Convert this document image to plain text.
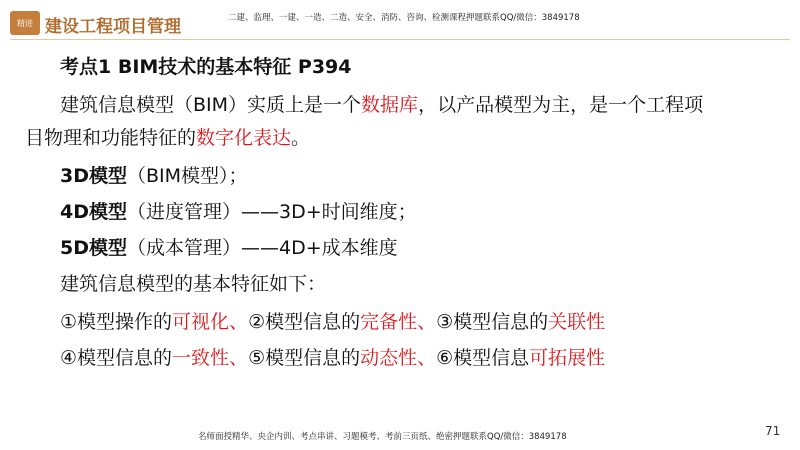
精进 建设工程项目管理	二建、监理、一建、一造、二造、安全、消防、咨询、检测课程押题联系QQ/微信：3849178
考点1 BIM技术的基本特征 P394
建筑信息模型（BIM）实质上是一个数据库，以产品模型为主，是一个工程项
目物理和功能特征的数字化表达。
3D模型（BIM模型）；
4D模型（进度管理）——3D+时间维度；
5D模型（成本管理）——4D+成本维度
建筑信息模型的基本特征如下：
①模型操作的可视化、②模型信息的完备性、③模型信息的关联性
④模型信息的一致性、⑤模型信息的动态性、⑥模型信息可拓展性
名师面授精华、央企内训、考点串讲、习题模考、考前三页纸、绝密押题联系QQ/微信：3849178	71
